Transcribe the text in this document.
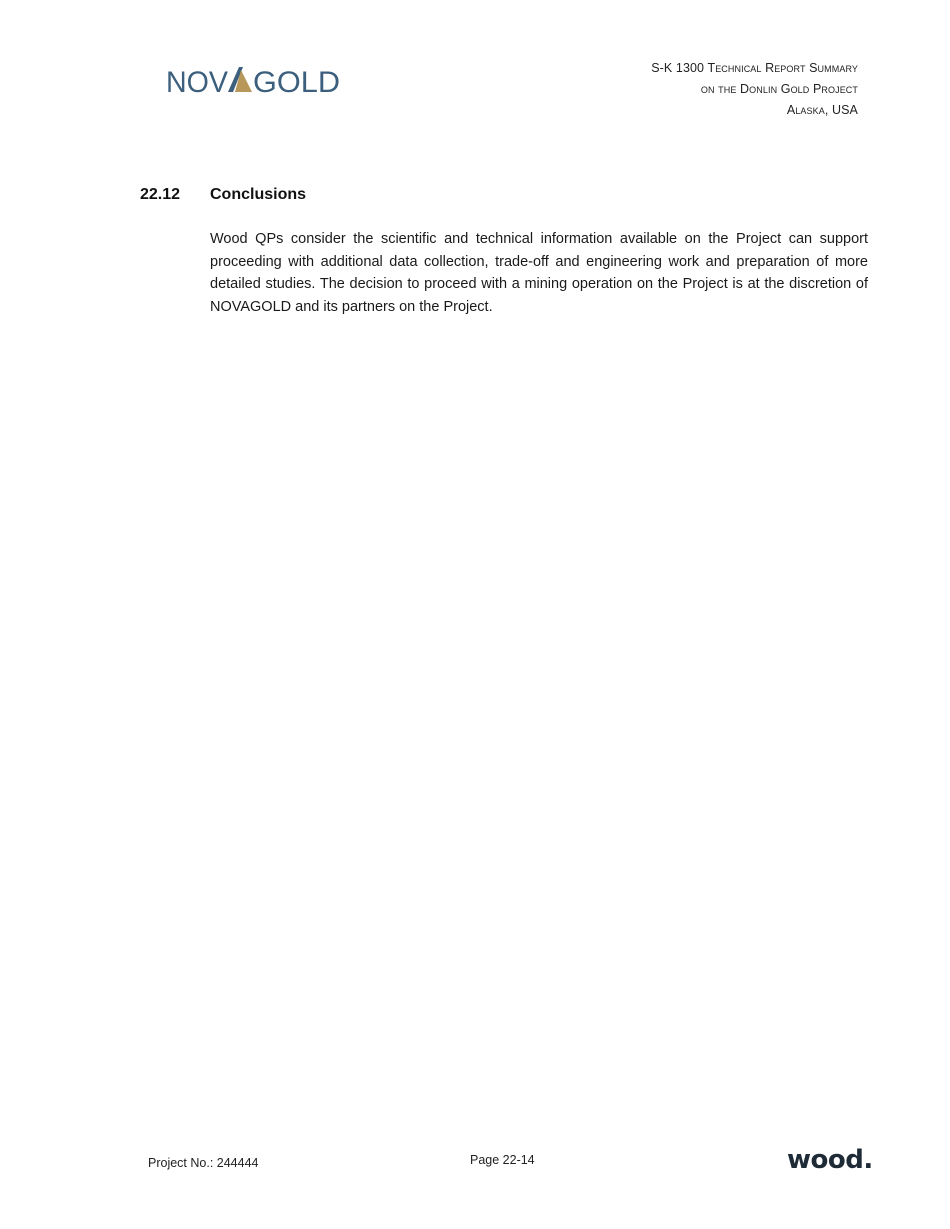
NOV GOLD	S-K 1300 Technical Report Summary
on the Donlin Gold Project
Alaska, USA
22.12 Conclusions

Wood QPs consider the scientific and technical information available on the Project can support proceeding with additional data collection, trade-off and engineering work and preparation of more detailed studies. The decision to proceed with a mining operation on the Project is at the discretion of NOVAGOLD and its partners on the Project.

Project No.: 244444	Page 22-14	wood.
